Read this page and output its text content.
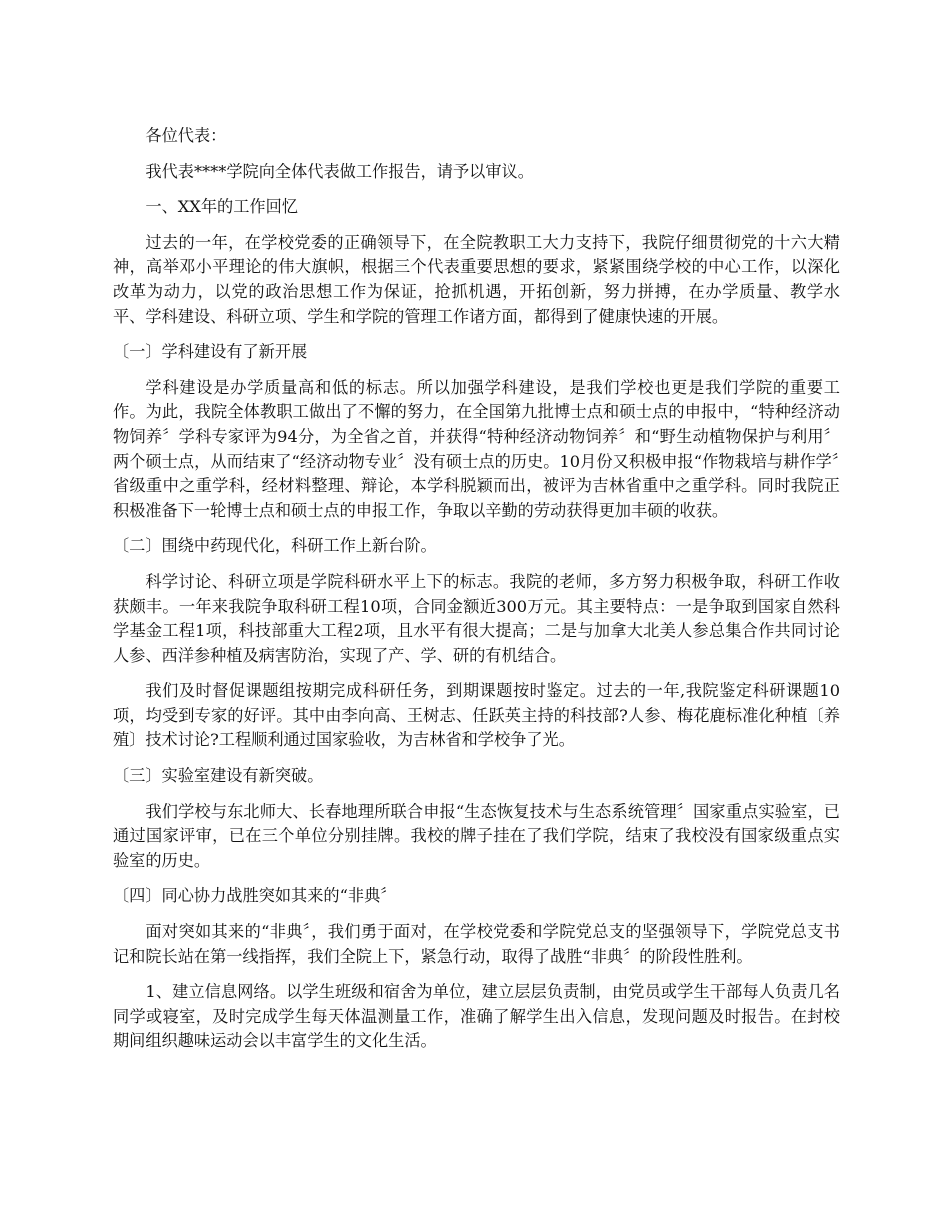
各位代表：

我代表****学院向全体代表做工作报告，请予以审议。

一、XX年的工作回忆

过去的一年，在学校党委的正确领导下，在全院教职工大力支持下，我院仔细贯彻党的十六大精神，高举邓小平理论的伟大旗帜，根据三个代表重要思想的要求，紧紧围绕学校的中心工作，以深化改革为动力，以党的政治思想工作为保证，抢抓机遇，开拓创新，努力拼搏，在办学质量、教学水平、学科建设、科研立项、学生和学院的管理工作诸方面，都得到了健康快速的开展。

〔一〕学科建设有了新开展

学科建设是办学质量高和低的标志。所以加强学科建设，是我们学校也更是我们学院的重要工作。为此，我院全体教职工做出了不懈的努力，在全国第九批博士点和硕士点的申报中，“特种经济动物饲养〞学科专家评为94分，为全省之首，并获得“特种经济动物饲养〞和“野生动植物保护与利用〞两个硕士点，从而结束了“经济动物专业〞没有硕士点的历史。10月份又积极申报“作物栽培与耕作学〞省级重中之重学科，经材料整理、辩论，本学科脱颖而出，被评为吉林省重中之重学科。同时我院正积极准备下一轮博士点和硕士点的申报工作，争取以辛勤的劳动获得更加丰硕的收获。

〔二〕围绕中药现代化，科研工作上新台阶。

科学讨论、科研立项是学院科研水平上下的标志。我院的老师，多方努力积极争取，科研工作收获颇丰。一年来我院争取科研工程10项，合同金额近300万元。其主要特点：一是争取到国家自然科学基金工程1项，科技部重大工程2项，且水平有很大提高；二是与加拿大北美人参总集合作共同讨论人参、西洋参种植及病害防治，实现了产、学、研的有机结合。

我们及时督促课题组按期完成科研任务，到期课题按时鉴定。过去的一年,我院鉴定科研课题10项，均受到专家的好评。其中由李向高、王树志、任跃英主持的科技部?人参、梅花鹿标准化种植〔养殖〕技术讨论?工程顺利通过国家验收，为吉林省和学校争了光。

〔三〕实验室建设有新突破。

我们学校与东北师大、长春地理所联合申报“生态恢复技术与生态系统管理〞国家重点实验室，已通过国家评审，已在三个单位分别挂牌。我校的牌子挂在了我们学院，结束了我校没有国家级重点实验室的历史。

〔四〕同心协力战胜突如其来的“非典〞

面对突如其来的“非典〞，我们勇于面对，在学校党委和学院党总支的坚强领导下，学院党总支书记和院长站在第一线指挥，我们全院上下，紧急行动，取得了战胜“非典〞的阶段性胜利。

1、建立信息网络。以学生班级和宿舍为单位，建立层层负责制，由党员或学生干部每人负责几名同学或寝室，及时完成学生每天体温测量工作，准确了解学生出入信息，发现问题及时报告。在封校期间组织趣味运动会以丰富学生的文化生活。
